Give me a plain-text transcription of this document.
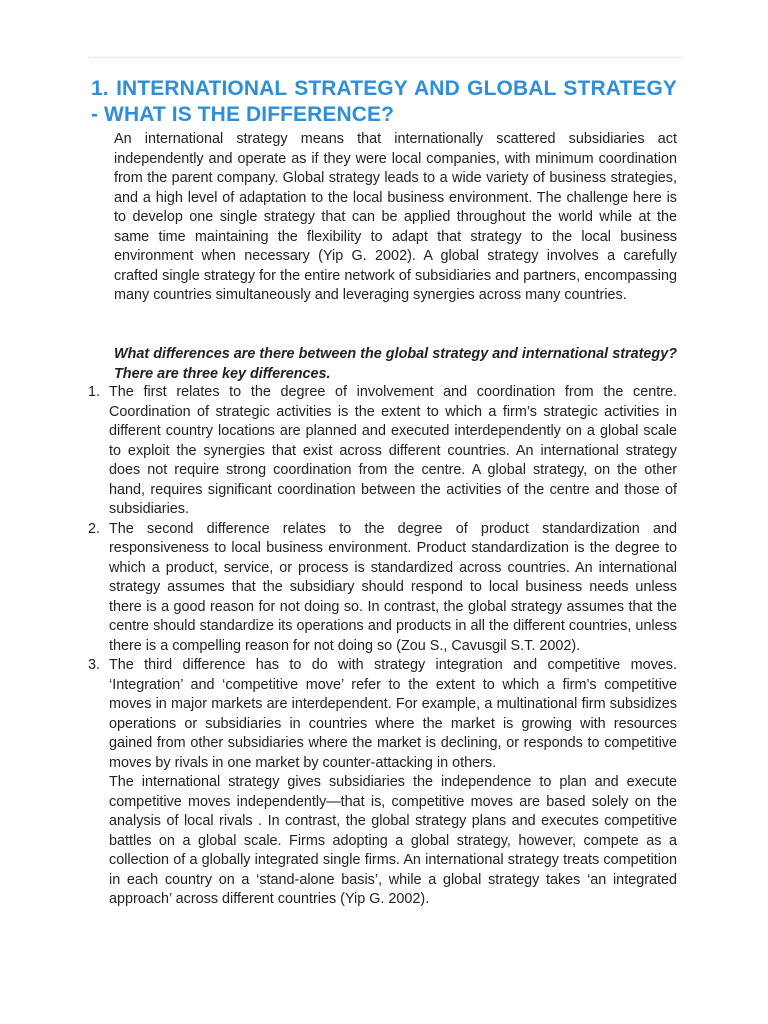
1. INTERNATIONAL STRATEGY AND GLOBAL STRATEGY - WHAT IS THE DIFFERENCE?

An international strategy means that internationally scattered subsidiaries act independently and operate as if they were local companies, with minimum coordination from the parent company. Global strategy leads to a wide variety of business strategies, and a high level of adaptation to the local business environment. The challenge here is to develop one single strategy that can be applied throughout the world while at the same time maintaining the flexibility to adapt that strategy to the local business environment when necessary (Yip G. 2002). A global strategy involves a carefully crafted single strategy for the entire network of subsidiaries and partners, encompassing many countries simultaneously and leveraging synergies across many countries.

What differences are there between the global strategy and international strategy? There are three key differences.

1. The first relates to the degree of involvement and coordination from the centre. Coordination of strategic activities is the extent to which a firm’s strategic activities in different country locations are planned and executed interdependently on a global scale to exploit the synergies that exist across different countries. An international strategy does not require strong coordination from the centre. A global strategy, on the other hand, requires significant coordination between the activities of the centre and those of subsidiaries.
2. The second difference relates to the degree of product standardization and responsiveness to local business environment. Product standardization is the degree to which a product, service, or process is standardized across countries. An international strategy assumes that the subsidiary should respond to local business needs unless there is a good reason for not doing so. In contrast, the global strategy assumes that the centre should standardize its operations and products in all the different countries, unless there is a compelling reason for not doing so (Zou S., Cavusgil S.T. 2002).
3. The third difference has to do with strategy integration and competitive moves. ‘Integration’ and ‘competitive move’ refer to the extent to which a firm’s competitive moves in major markets are interdependent. For example, a multinational firm subsidizes operations or subsidiaries in countries where the market is growing with resources gained from other subsidiaries where the market is declining, or responds to competitive moves by rivals in one market by counter-attacking in others.
The international strategy gives subsidiaries the independence to plan and execute competitive moves independently—that is, competitive moves are based solely on the analysis of local rivals . In contrast, the global strategy plans and executes competitive battles on a global scale. Firms adopting a global strategy, however, compete as a collection of a globally integrated single firms. An international strategy treats competition in each country on a ‘stand-alone basis’, while a global strategy takes ‘an integrated approach’ across different countries (Yip G. 2002).
